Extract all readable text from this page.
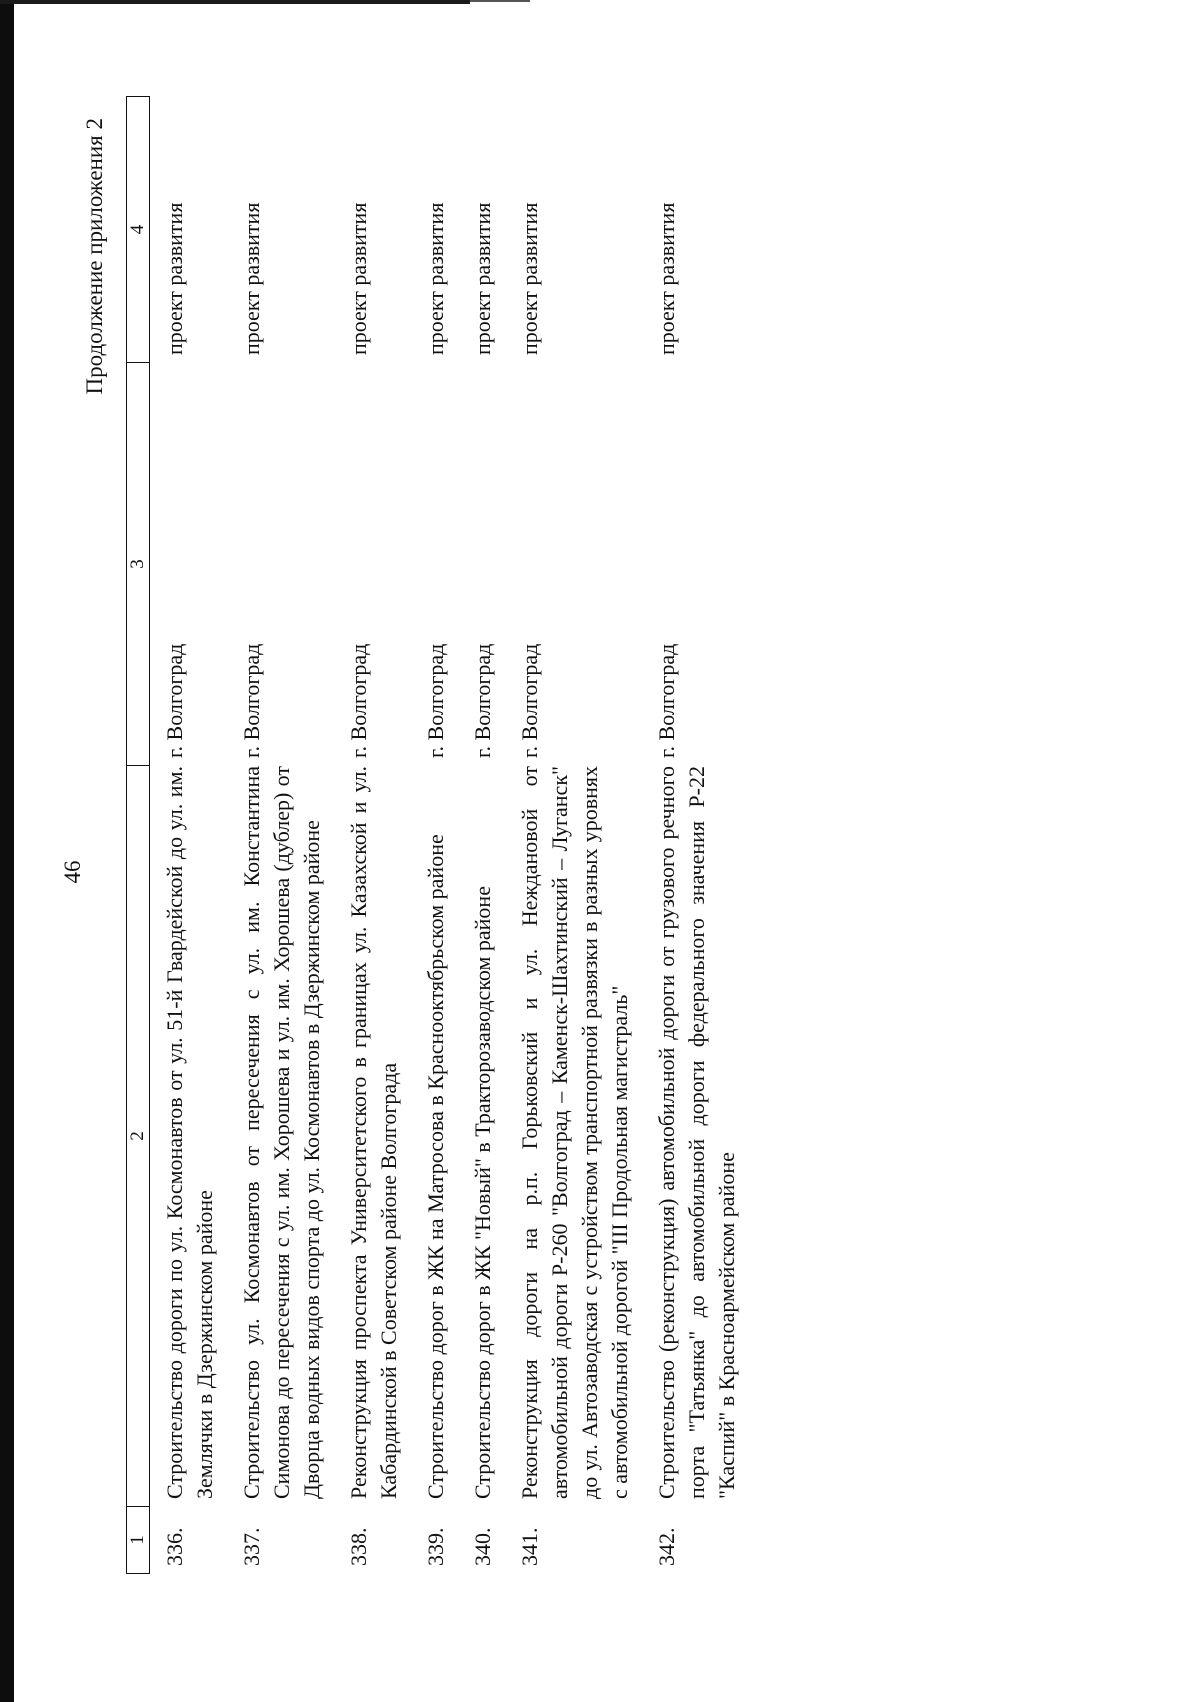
46
Продолжение приложения 2
1	2	3	4
336.	Строительство дороги по ул. Космонавтов от ул. 51-й Гвардейской до ул. им. Землячки в Дзержинском районе	г. Волгоград	проект развития
337.	Строительство ул. Космонавтов от пересечения с ул. им. Константина Симонова до пересечения с ул. им. Хорошева и ул. им. Хорошева (дублер) от Дворца водных видов спорта до ул. Космонавтов в Дзержинском районе	г. Волгоград	проект развития
338.	Реконструкция проспекта Университетского в границах ул. Казахской и ул. Кабардинской в Советском районе Волгограда	г. Волгоград	проект развития
339.	Строительство дорог в ЖК на Матросова в Краснооктябрьском районе	г. Волгоград	проект развития
340.	Строительство дорог в ЖК "Новый" в Тракторозаводском районе	г. Волгоград	проект развития
341.	Реконструкция дороги на р.п. Горьковский и ул. Неждановой от автомобильной дороги Р-260 "Волгоград – Каменск-Шахтинский – Луганск" до ул. Автозаводская с устройством транспортной развязки в разных уровнях с автомобильной дорогой "III Продольная магистраль"	г. Волгоград	проект развития
342.	Строительство (реконструкция) автомобильной дороги от грузового речного порта "Татьянка" до автомобильной дороги федерального значения Р-22 "Каспий" в Красноармейском районе	г. Волгоград	проект развития
